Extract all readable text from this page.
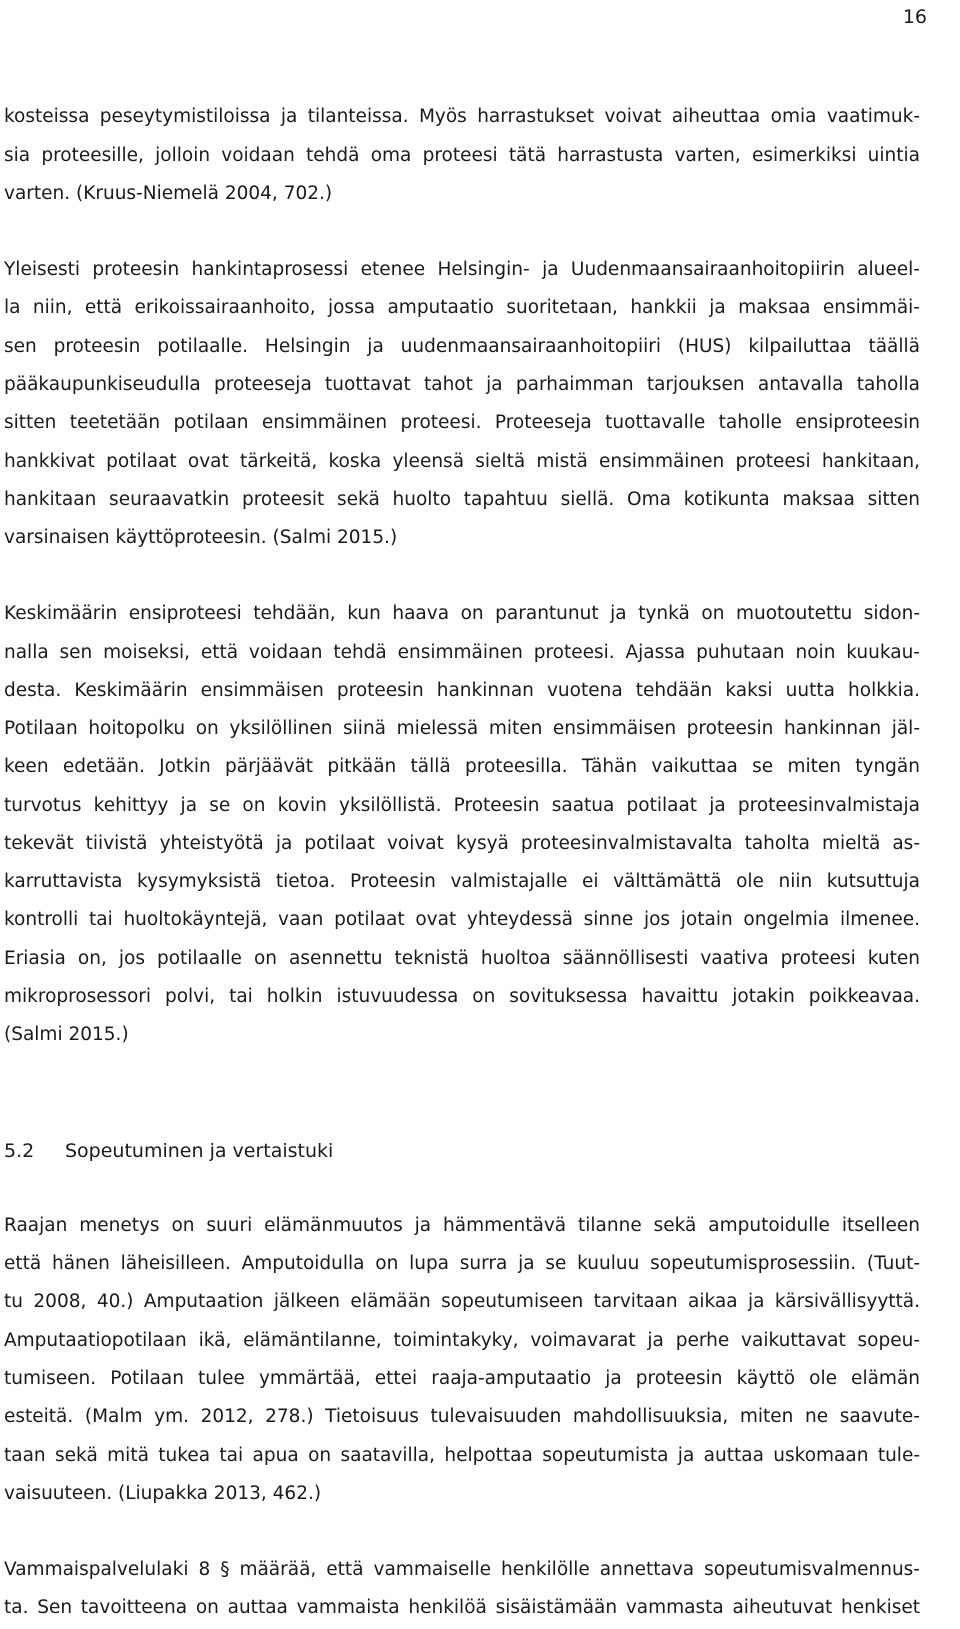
16
kosteissa peseytymistiloissa ja tilanteissa. Myös harrastukset voivat aiheuttaa omia vaatimuk-
sia proteesille, jolloin voidaan tehdä oma proteesi tätä harrastusta varten, esimerkiksi uintia
varten. (Kruus-Niemelä 2004, 702.)
Yleisesti proteesin hankintaprosessi etenee Helsingin- ja Uudenmaansairaanhoitopiirin alueel-
la niin, että erikoissairaanhoito, jossa amputaatio suoritetaan, hankkii ja maksaa ensimmäi-
sen proteesin potilaalle. Helsingin ja uudenmaansairaanhoitopiiri (HUS) kilpailuttaa täällä
pääkaupunkiseudulla proteeseja tuottavat tahot ja parhaimman tarjouksen antavalla taholla
sitten teetetään potilaan ensimmäinen proteesi. Proteeseja tuottavalle taholle ensiproteesin
hankkivat potilaat ovat tärkeitä, koska yleensä sieltä mistä ensimmäinen proteesi hankitaan,
hankitaan seuraavatkin proteesit sekä huolto tapahtuu siellä. Oma kotikunta maksaa sitten
varsinaisen käyttöproteesin. (Salmi 2015.)
Keskimäärin ensiproteesi tehdään, kun haava on parantunut ja tynkä on muotoutettu sidon-
nalla sen moiseksi, että voidaan tehdä ensimmäinen proteesi. Ajassa puhutaan noin kuukau-
desta. Keskimäärin ensimmäisen proteesin hankinnan vuotena tehdään kaksi uutta holkkia.
Potilaan hoitopolku on yksilöllinen siinä mielessä miten ensimmäisen proteesin hankinnan jäl-
keen edetään. Jotkin pärjäävät pitkään tällä proteesilla. Tähän vaikuttaa se miten tyngän
turvotus kehittyy ja se on kovin yksilöllistä. Proteesin saatua potilaat ja proteesinvalmistaja
tekevät tiivistä yhteistyötä ja potilaat voivat kysyä proteesinvalmistavalta taholta mieltä as-
karruttavista kysymyksistä tietoa. Proteesin valmistajalle ei välttämättä ole niin kutsuttuja
kontrolli tai huoltokäyntejä, vaan potilaat ovat yhteydessä sinne jos jotain ongelmia ilmenee.
Eriasia on, jos potilaalle on asennettu teknistä huoltoa säännöllisesti vaativa proteesi kuten
mikroprosessori polvi, tai holkin istuvuudessa on sovituksessa havaittu jotakin poikkeavaa.
(Salmi 2015.)
5.2 Sopeutuminen ja vertaistuki
Raajan menetys on suuri elämänmuutos ja hämmentävä tilanne sekä amputoidulle itselleen
että hänen läheisilleen. Amputoidulla on lupa surra ja se kuuluu sopeutumisprosessiin. (Tuut-
tu 2008, 40.) Amputaation jälkeen elämään sopeutumiseen tarvitaan aikaa ja kärsivällisyyttä.
Amputaatiopotilaan ikä, elämäntilanne, toimintakyky, voimavarat ja perhe vaikuttavat sopeu-
tumiseen. Potilaan tulee ymmärtää, ettei raaja-amputaatio ja proteesin käyttö ole elämän
esteitä. (Malm ym. 2012, 278.) Tietoisuus tulevaisuuden mahdollisuuksia, miten ne saavute-
taan sekä mitä tukea tai apua on saatavilla, helpottaa sopeutumista ja auttaa uskomaan tule-
vaisuuteen. (Liupakka 2013, 462.)
Vammaispalvelulaki 8 § määrää, että vammaiselle henkilölle annettava sopeutumisvalmennus-
ta. Sen tavoitteena on auttaa vammaista henkilöä sisäistämään vammasta aiheutuvat henkiset
